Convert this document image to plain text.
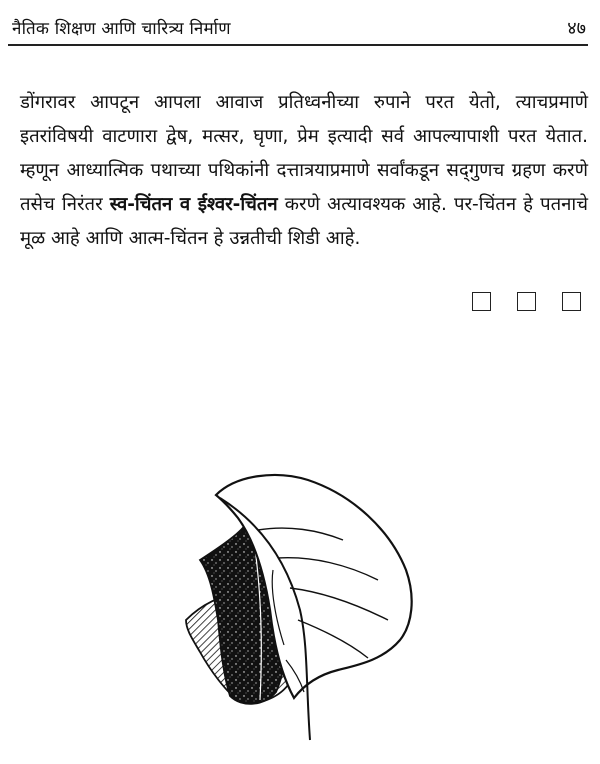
नैतिक शिक्षण आणि चारित्र्य निर्माण	४७
डोंगरावर आपटून आपला आवाज प्रतिध्वनीच्या रुपाने परत येतो, त्याचप्रमाणे इतरांविषयी वाटणारा द्वेष, मत्सर, घृणा, प्रेम इत्यादी सर्व आपल्यापाशी परत येतात. म्हणून आध्यात्मिक पथाच्या पथिकांनी दत्तात्रयाप्रमाणे सर्वांकडून सद्‌गुणच ग्रहण करणे तसेच निरंतर स्व-चिंतन व ईश्वर-चिंतन करणे अत्यावश्यक आहे. पर-चिंतन हे पतनाचे मूळ आहे आणि आत्म-चिंतन हे उन्नतीची शिडी आहे.
